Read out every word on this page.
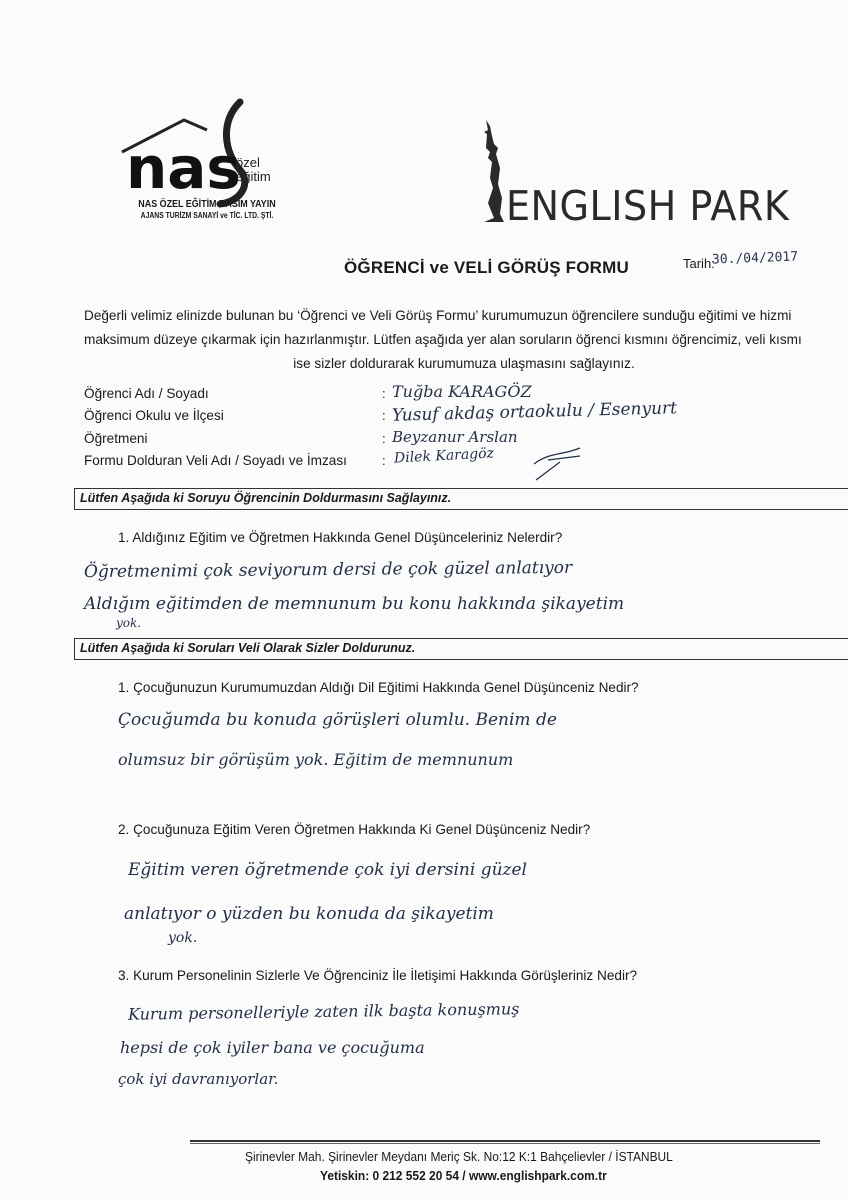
nas
özel
eğitim
NAS ÖZEL EĞİTİM BASIM YAYIN
AJANS TURİZM SANAYİ ve TİC. LTD. ŞTİ.	ENGLISH PARK
ÖĞRENCİ ve VELİ GÖRÜŞ FORMU	Tarih:
30./04/2017
Değerli velimiz elinizde bulunan bu ‘Öğrenci ve Veli Görüş Formu’ kurumumuzun öğrencilere sunduğu eğitimi ve hizmi
maksimum düzeye çıkarmak için hazırlanmıştır. Lütfen aşağıda yer alan soruların öğrenci kısmını öğrencimiz, veli kısmı
ise sizler doldurarak kurumumuza ulaşmasını sağlayınız.
Öğrenci Adı / Soyadı	: Tuğba KARAGÖZ
Öğrenci Okulu ve İlçesi	: Yusuf akdaş ortaokulu / Esenyurt
Öğretmeni	: Beyzanur Arslan
Formu Dolduran Veli Adı / Soyadı ve İmzası	: Dilek Karagöz
Lütfen Aşağıda ki Soruyu Öğrencinin Doldurmasını Sağlayınız.
1. Aldığınız Eğitim ve Öğretmen Hakkında Genel Düşünceleriniz Nelerdir?
Öğretmenimi çok seviyorum dersi de çok güzel anlatıyor
Aldığım eğitimden de memnunum bu konu hakkında şikayetim
yok.
Lütfen Aşağıda ki Soruları Veli Olarak Sizler Doldurunuz.
1. Çocuğunuzun Kurumumuzdan Aldığı Dil Eğitimi Hakkında Genel Düşünceniz Nedir?
Çocuğumda bu konuda görüşleri olumlu. Benim de
olumsuz bir görüşüm yok. Eğitim de memnunum
2. Çocuğunuza Eğitim Veren Öğretmen Hakkında Ki Genel Düşünceniz Nedir?
Eğitim veren öğretmende çok iyi dersini güzel
anlatıyor o yüzden bu konuda da şikayetim
yok.
3. Kurum Personelinin Sizlerle Ve Öğrenciniz İle İletişimi Hakkında Görüşleriniz Nedir?
Kurum personelleriyle zaten ilk başta konuşmuş
hepsi de çok iyiler bana ve çocuğuma
çok iyi davranıyorlar.
Şirinevler Mah. Şirinevler Meydanı Meriç Sk. No:12 K:1 Bahçelievler / İSTANBUL
Yetiskin: 0 212 552 20 54 / www.englishpark.com.tr
